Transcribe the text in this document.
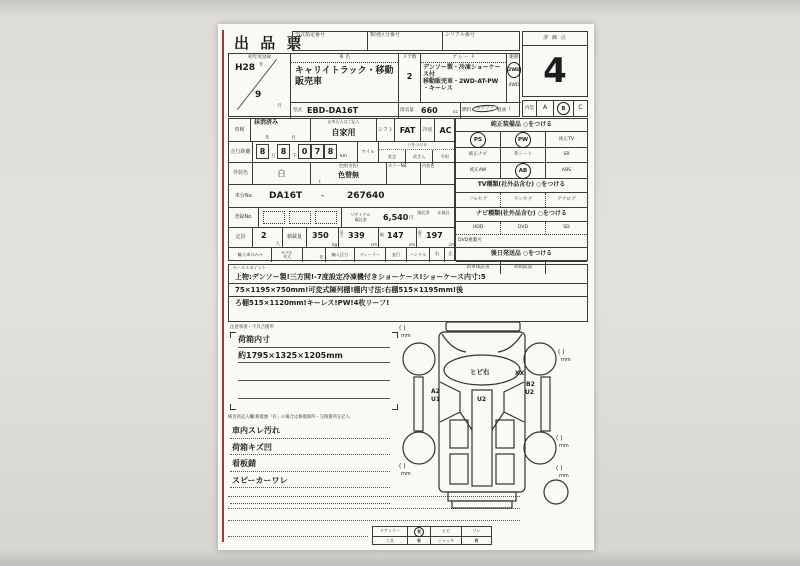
出 品 票
型式指定番号	類別区分番号	シリアル番号	評 価 点
4
内装	A	B	C
初年度登録
H28 年
9
月
車 名
キャリイトラック・移動販売車
型式 EBD-DA16T
ドア数
2
排気量 660	cc
グ レ ー ド
デンソー製・冷凍ショーケース付
移動販売車・2WD-AT-PW
・キーレス
燃料	ガソリン 軽油 ( )
駆動
2WD
4WD
車検
抹消済み
年	月
お申込人はご記入
自家用	シフト FAT	冷房 AC
走行距離	8
万
8
千
0 7 8
km
マイル
○をつける
実走	改ざん	不明
外装色	白
色替(実色)
色替無
(
カラーNo.	内装色
車台No.	DA16T -	267640
登録No.	リサイクル
預託金	6,540 円
預託済 未預託
定員	2
人
積載量	350
kg
長さ 339
cm
幅 147
cm
高さ 197
cm
輸入車のみ→	モデル
年式	年
輸入区分	ディーラー	並行	ハンドル	右	左
純正装備品 ○をつける
PS	PW	純正TV
純正ナビ	革シート	SR
純正AW	AB	ABS
TV種類(社外品含む) ○をつける
フルセグ	ワンセグ	アナログ
ナビ種類(社外品含む) ○をつける
HDD	DVD	SD
DVD視聴可
後日発送品 ○をつける
新車保証書	車両取説
セールスポイント
上物:デンソー製!三方開!-7度設定冷凍機付きショーケース!ショーケース内寸:5
75×1195×750mm!可変式陳列棚!棚内寸法:右棚515×1195mm!後
ろ棚515×1120mm!キーレス!PW!4枚リーフ!
注意事項・不具合箇所
荷箱内寸
約1795×1325×1205mm
検査員記入欄:修復歴「有」の場合は修復箇所・交換箇所を記入
車内スレ汚れ
荷箱キズ凹
看板錆
スピーカーワレ
ドアミラー	有	ヒビ	ワレ
工具	有	ジャッキ	有
( )
mm
( )
mm
( )
mm
( )
mm
( )
mm
ヒビ右
A2
U1	U2
XX
B2
U2
